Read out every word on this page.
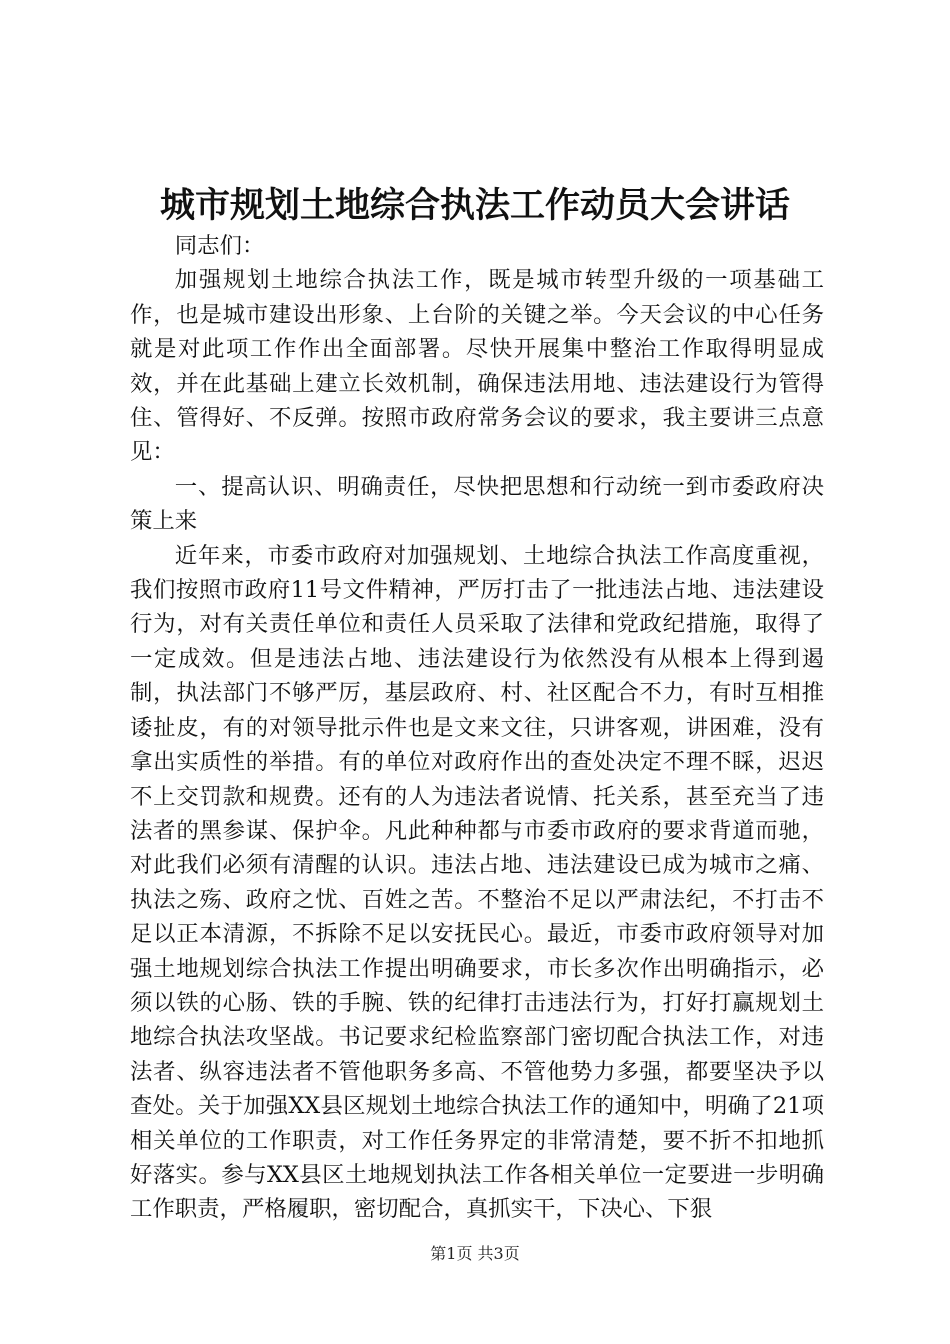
城市规划土地综合执法工作动员大会讲话

同志们：

加强规划土地综合执法工作，既是城市转型升级的一项基础工作，也是城市建设出形象、上台阶的关键之举。今天会议的中心任务就是对此项工作作出全面部署。尽快开展集中整治工作取得明显成效，并在此基础上建立长效机制，确保违法用地、违法建设行为管得住、管得好、不反弹。按照市政府常务会议的要求，我主要讲三点意见：

一、提高认识、明确责任，尽快把思想和行动统一到市委政府决策上来

近年来，市委市政府对加强规划、土地综合执法工作高度重视，我们按照市政府11号文件精神，严厉打击了一批违法占地、违法建设行为，对有关责任单位和责任人员采取了法律和党政纪措施，取得了一定成效。但是违法占地、违法建设行为依然没有从根本上得到遏制，执法部门不够严厉，基层政府、村、社区配合不力，有时互相推诿扯皮，有的对领导批示件也是文来文往，只讲客观，讲困难，没有拿出实质性的举措。有的单位对政府作出的查处决定不理不睬，迟迟不上交罚款和规费。还有的人为违法者说情、托关系，甚至充当了违法者的黑参谋、保护伞。凡此种种都与市委市政府的要求背道而驰，对此我们必须有清醒的认识。违法占地、违法建设已成为城市之痛、执法之殇、政府之忧、百姓之苦。不整治不足以严肃法纪，不打击不足以正本清源，不拆除不足以安抚民心。最近，市委市政府领导对加强土地规划综合执法工作提出明确要求，市长多次作出明确指示，必须以铁的心肠、铁的手腕、铁的纪律打击违法行为，打好打赢规划土地综合执法攻坚战。书记要求纪检监察部门密切配合执法工作，对违法者、纵容违法者不管他职务多高、不管他势力多强，都要坚决予以查处。关于加强XX县区规划土地综合执法工作的通知中，明确了21项相关单位的工作职责，对工作任务界定的非常清楚，要不折不扣地抓好落实。参与XX县区土地规划执法工作各相关单位一定要进一步明确工作职责，严格履职，密切配合，真抓实干，下决心、下狠

第1页 共3页
